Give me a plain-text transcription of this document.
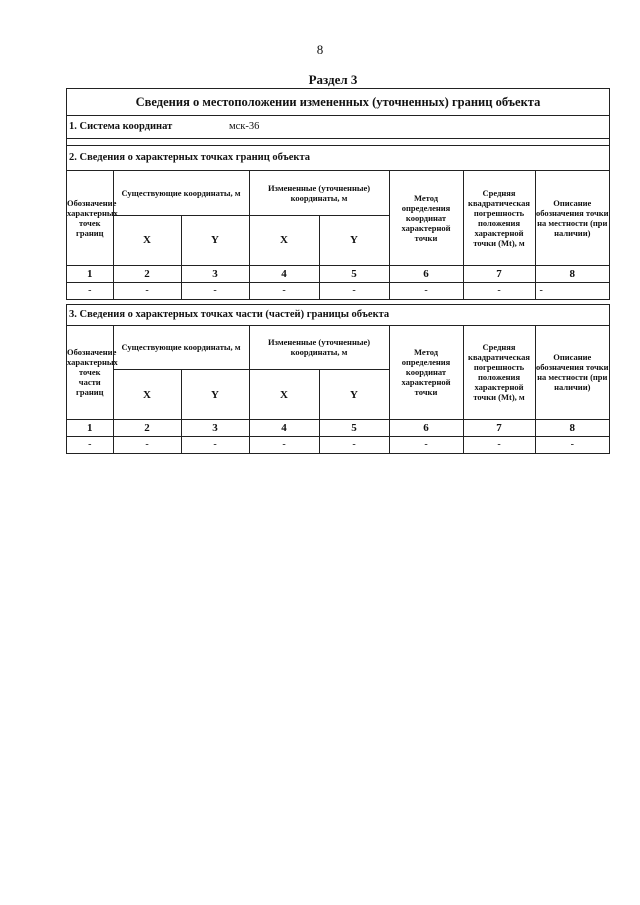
8
Раздел 3
Сведения о местоположении измененных (уточненных) границ объекта
1. Система координат	мск-36
2. Сведения о характерных точках границ объекта
Обозначение характерных точек границ	Существующие координаты, м		Измененные (уточненные) координаты, м		Метод определения координат характерной точки	Средняя квадратическая погрешность положения характерной точки (Mt), м	Описание обозначения точки на местности (при наличии)
	X	Y	X	Y			
1	2	3	4	5	6	7	8
-	-	-	-	-	-	-	-
3. Сведения о характерных точках части (частей) границы объекта
Обозначение характерных точек части границ	Существующие координаты, м		Измененные (уточненные) координаты, м		Метод определения координат характерной точки	Средняя квадратическая погрешность положения характерной точки (Mt), м	Описание обозначения точки на местности (при наличии)
	X	Y	X	Y			
1	2	3	4	5	6	7	8
-	-	-	-	-	-	-	-
